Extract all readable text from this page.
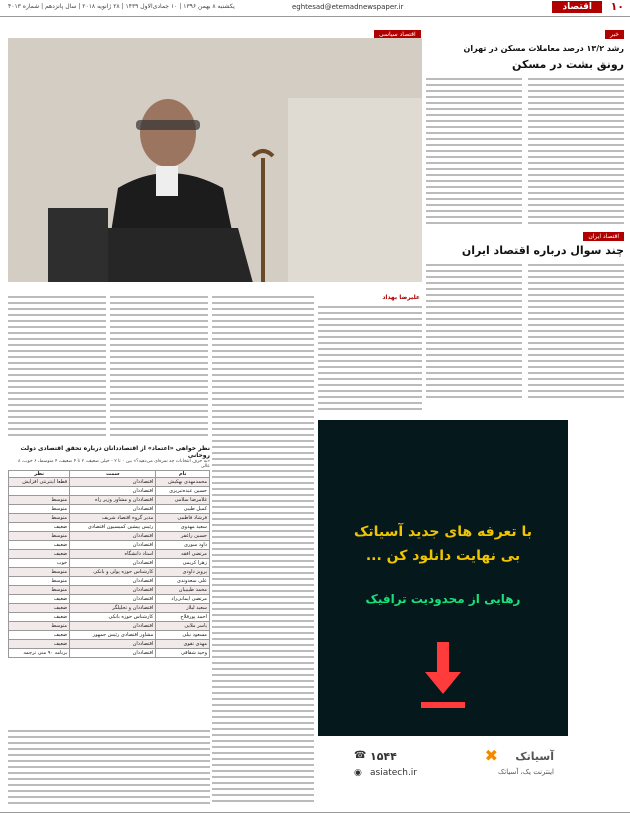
۱۰
اقتصاد
eghtesad@etemadnewspaper.ir
یکشنبه ۸ بهمن ۱۳۹۶ | ۱۰ جمادی‌الاول ۱۴۳۹ | ۲۸ ژانویه ۲۰۱۸ | سال پانزدهم | شماره ۴۰۱۳
خبر
اقتصاد سیاسی
رشد ۱۳/۲ درصد معاملات مسکن در تهران
رونق بشت در مسکن
اقتصاد ایران
چند سوال درباره اقتصاد ایران
علیرضا بهداد
نظر خواهی «اعتماد» از اقتصاددانان درباره تحقق اقتصادی دولت روحانی
«به حرف انتخابات چه نمره‌ای می‌دهید؟» بین ۰ تا ۲ - خیلی ضعیف، ۲ تا ۴ ضعیف، ۴ متوسط، ۶ خوب، ۸ عالی
نام	سمت	نظر
محمدمهدی بهکیش	اقتصاددان	قطعا اینترنتی افزایش
حسین عبده‌تبریزی	اقتصاددان	
غلامرضا سلامی	اقتصاددان و مشاور وزیر راه	متوسط
کمیل طیبی	اقتصاددان	متوسط
فرشاد فاطمی	مدیر گروه اقتصاد شریف	متوسط
سعید مهدوی	رئیس پیشین کمیسیون اقتصادی	ضعیف
حسین راغفر	اقتصاددان	متوسط
داود سوری	اقتصاددان	ضعیف
مرتضی افقه	استاد دانشگاه	ضعیف
زهرا کریمی	اقتصاددان	خوب
پرویز داودی	کارشناس حوزه پولی و بانکی	متوسط
علی سعدوندی	اقتصاددان	متوسط
محمد طبیبیان	اقتصاددان	متوسط
مرتضی ایمانی‌راد	اقتصاددان	ضعیف
سعید لیلاز	اقتصاددان و تحلیلگر	ضعیف
احمد پورفلاح	کارشناس حوزه بانکی	ضعیف
یاسر ملایی	اقتصاددان	متوسط
مسعود نیلی	مشاور اقتصادی رئیس جمهور	ضعیف
مهدی تقوی	اقتصاددان	ضعیف
وحید شقاقی	اقتصاددان	برنامه ۹۰ منی ترجمه
با تعرفه های جدید آسیاتک
بی نهایت دانلود کن ...
رهایی از محدودیت ترافیک
۱۵۴۴
☎
asiatech.ir
◉
آسیاتک
✖
اینترنت یک، آسیاتک
